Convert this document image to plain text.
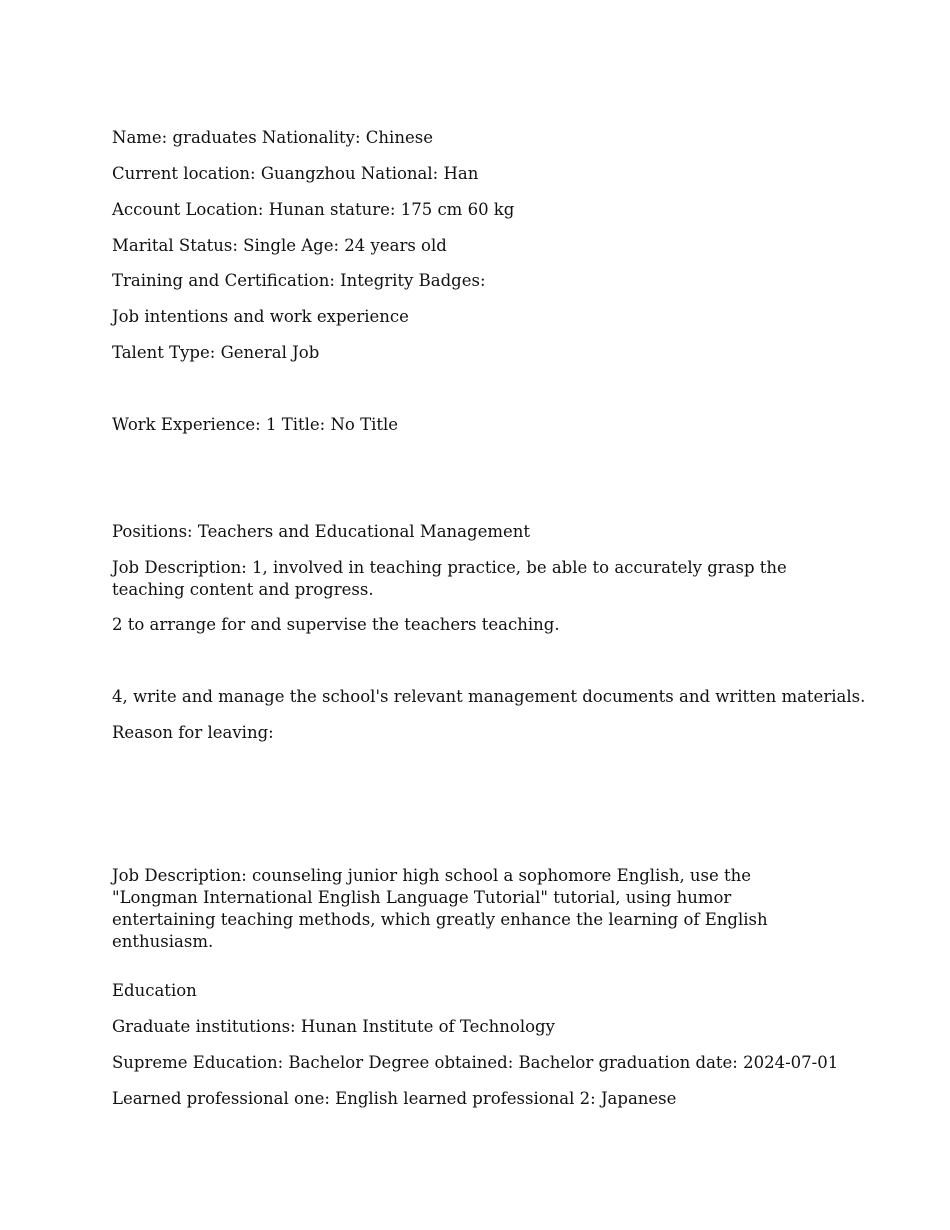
Name: graduates Nationality: Chinese
Current location: Guangzhou National: Han
Account Location: Hunan stature: 175 cm 60 kg
Marital Status: Single Age: 24 years old
Training and Certification: Integrity Badges:
Job intentions and work experience
Talent Type: General Job
Work Experience: 1 Title: No Title
Positions: Teachers and Educational Management
Job Description: 1, involved in teaching practice, be able to accurately grasp the teaching content and progress.
2 to arrange for and supervise the teachers teaching.
4, write and manage the school's relevant management documents and written materials.
Reason for leaving:
Job Description: counseling junior high school a sophomore English, use the "Longman International English Language Tutorial" tutorial, using humor entertaining teaching methods, which greatly enhance the learning of English enthusiasm.
Education
Graduate institutions: Hunan Institute of Technology
Supreme Education: Bachelor Degree obtained: Bachelor graduation date: 2024-07-01
Learned professional one: English learned professional 2: Japanese
